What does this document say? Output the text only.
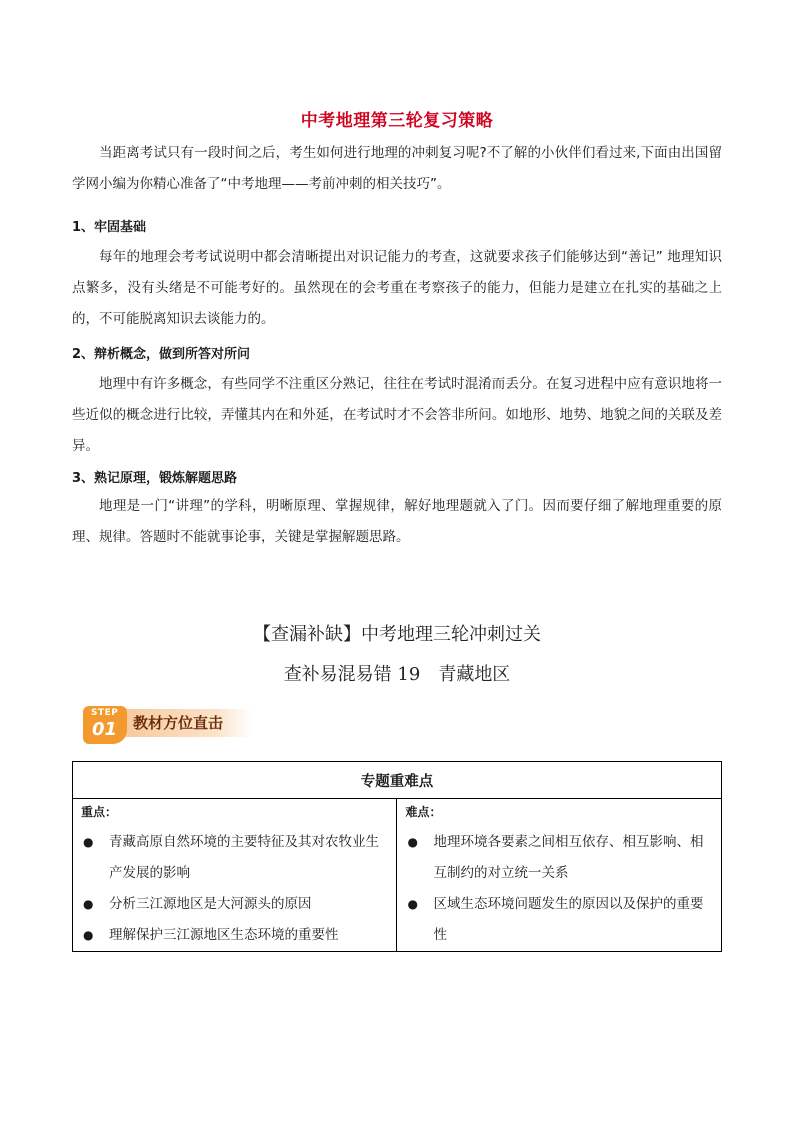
中考地理第三轮复习策略

当距离考试只有一段时间之后，考生如何进行地理的冲刺复习呢?不了解的小伙伴们看过来,下面由出国留学网小编为你精心准备了“中考地理——考前冲刺的相关技巧”。

1、牢固基础

每年的地理会考考试说明中都会清晰提出对识记能力的考查，这就要求孩子们能够达到“善记” 地理知识点繁多，没有头绪是不可能考好的。虽然现在的会考重在考察孩子的能力，但能力是建立在扎实的基础之上的，不可能脱离知识去谈能力的。

2、辩析概念，做到所答对所问

地理中有许多概念，有些同学不注重区分熟记，往往在考试时混淆而丢分。在复习进程中应有意识地将一些近似的概念进行比较，弄懂其内在和外延，在考试时才不会答非所问。如地形、地势、地貌之间的关联及差异。

3、熟记原理，锻炼解题思路

地理是一门“讲理”的学科，明晰原理、掌握规律，解好地理题就入了门。因而要仔细了解地理重要的原理、规律。答题时不能就事论事，关键是掌握解题思路。

【查漏补缺】中考地理三轮冲刺过关
查补易混易错 19　青藏地区
STEP
01 教材方位直击
专题重难点

重点：
● 青藏高原自然环境的主要特征及其对农牧业生产发展的影响
● 分析三江源地区是大河源头的原因
● 理解保护三江源地区生态环境的重要性

难点：
● 地理环境各要素之间相互依存、相互影响、相互制约的对立统一关系
● 区域生态环境问题发生的原因以及保护的重要性
